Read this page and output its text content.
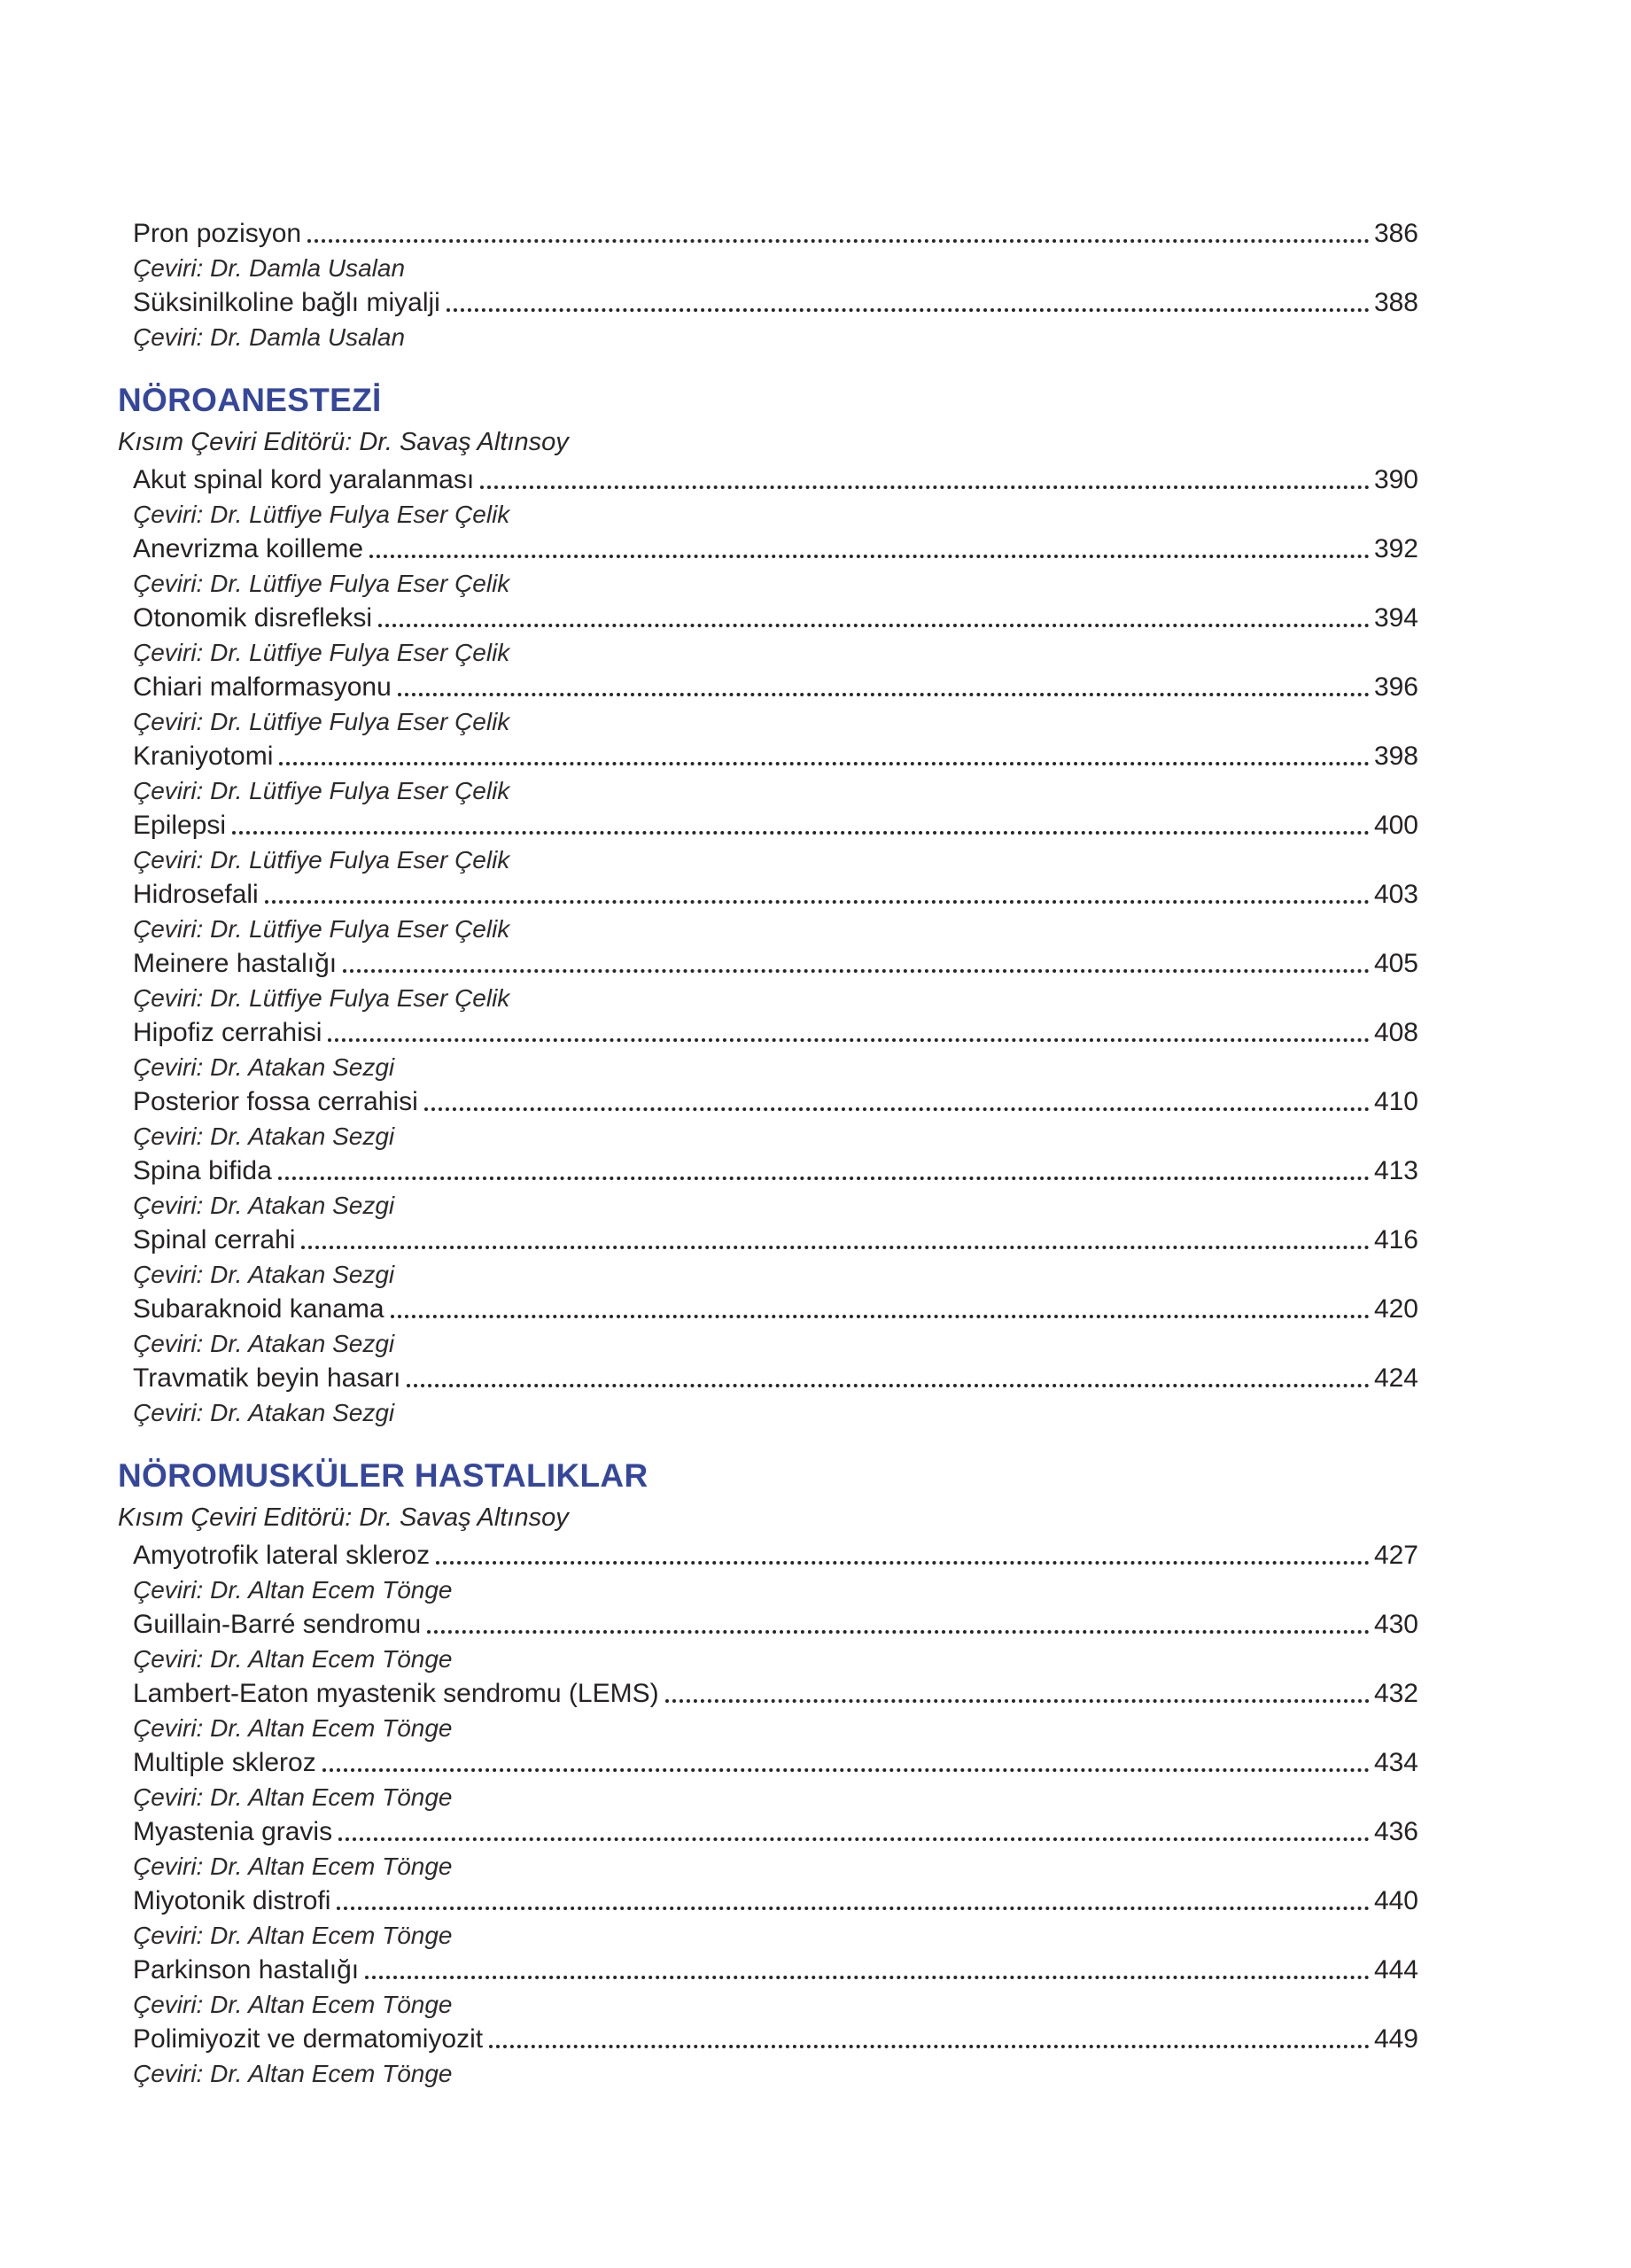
Pron pozisyon	386
Çeviri: Dr. Damla Usalan
Süksinilkoline bağlı miyalji	388
Çeviri: Dr. Damla Usalan
NÖROANESTEZİ
Kısım Çeviri Editörü: Dr. Savaş Altınsoy
Akut spinal kord yaralanması	390
Çeviri: Dr. Lütfiye Fulya Eser Çelik
Anevrizma koilleme	392
Çeviri: Dr. Lütfiye Fulya Eser Çelik
Otonomik disrefleksi	394
Çeviri: Dr. Lütfiye Fulya Eser Çelik
Chiari malformasyonu	396
Çeviri: Dr. Lütfiye Fulya Eser Çelik
Kraniyotomi	398
Çeviri: Dr. Lütfiye Fulya Eser Çelik
Epilepsi	400
Çeviri: Dr. Lütfiye Fulya Eser Çelik
Hidrosefali	403
Çeviri: Dr. Lütfiye Fulya Eser Çelik
Meinere hastalığı	405
Çeviri: Dr. Lütfiye Fulya Eser Çelik
Hipofiz cerrahisi	408
Çeviri: Dr. Atakan Sezgi
Posterior fossa cerrahisi	410
Çeviri: Dr. Atakan Sezgi
Spina bifida	413
Çeviri: Dr. Atakan Sezgi
Spinal cerrahi	416
Çeviri: Dr. Atakan Sezgi
Subaraknoid kanama	420
Çeviri: Dr. Atakan Sezgi
Travmatik beyin hasarı	424
Çeviri: Dr. Atakan Sezgi
NÖROMUSKÜLER HASTALIKLAR
Kısım Çeviri Editörü: Dr. Savaş Altınsoy
Amyotrofik lateral skleroz	427
Çeviri: Dr. Altan Ecem Tönge
Guillain-Barré sendromu	430
Çeviri: Dr. Altan Ecem Tönge
Lambert-Eaton myastenik sendromu (LEMS)	432
Çeviri: Dr. Altan Ecem Tönge
Multiple skleroz	434
Çeviri: Dr. Altan Ecem Tönge
Myastenia gravis	436
Çeviri: Dr. Altan Ecem Tönge
Miyotonik distrofi	440
Çeviri: Dr. Altan Ecem Tönge
Parkinson hastalığı	444
Çeviri: Dr. Altan Ecem Tönge
Polimiyozit ve dermatomiyozit	449
Çeviri: Dr. Altan Ecem Tönge
